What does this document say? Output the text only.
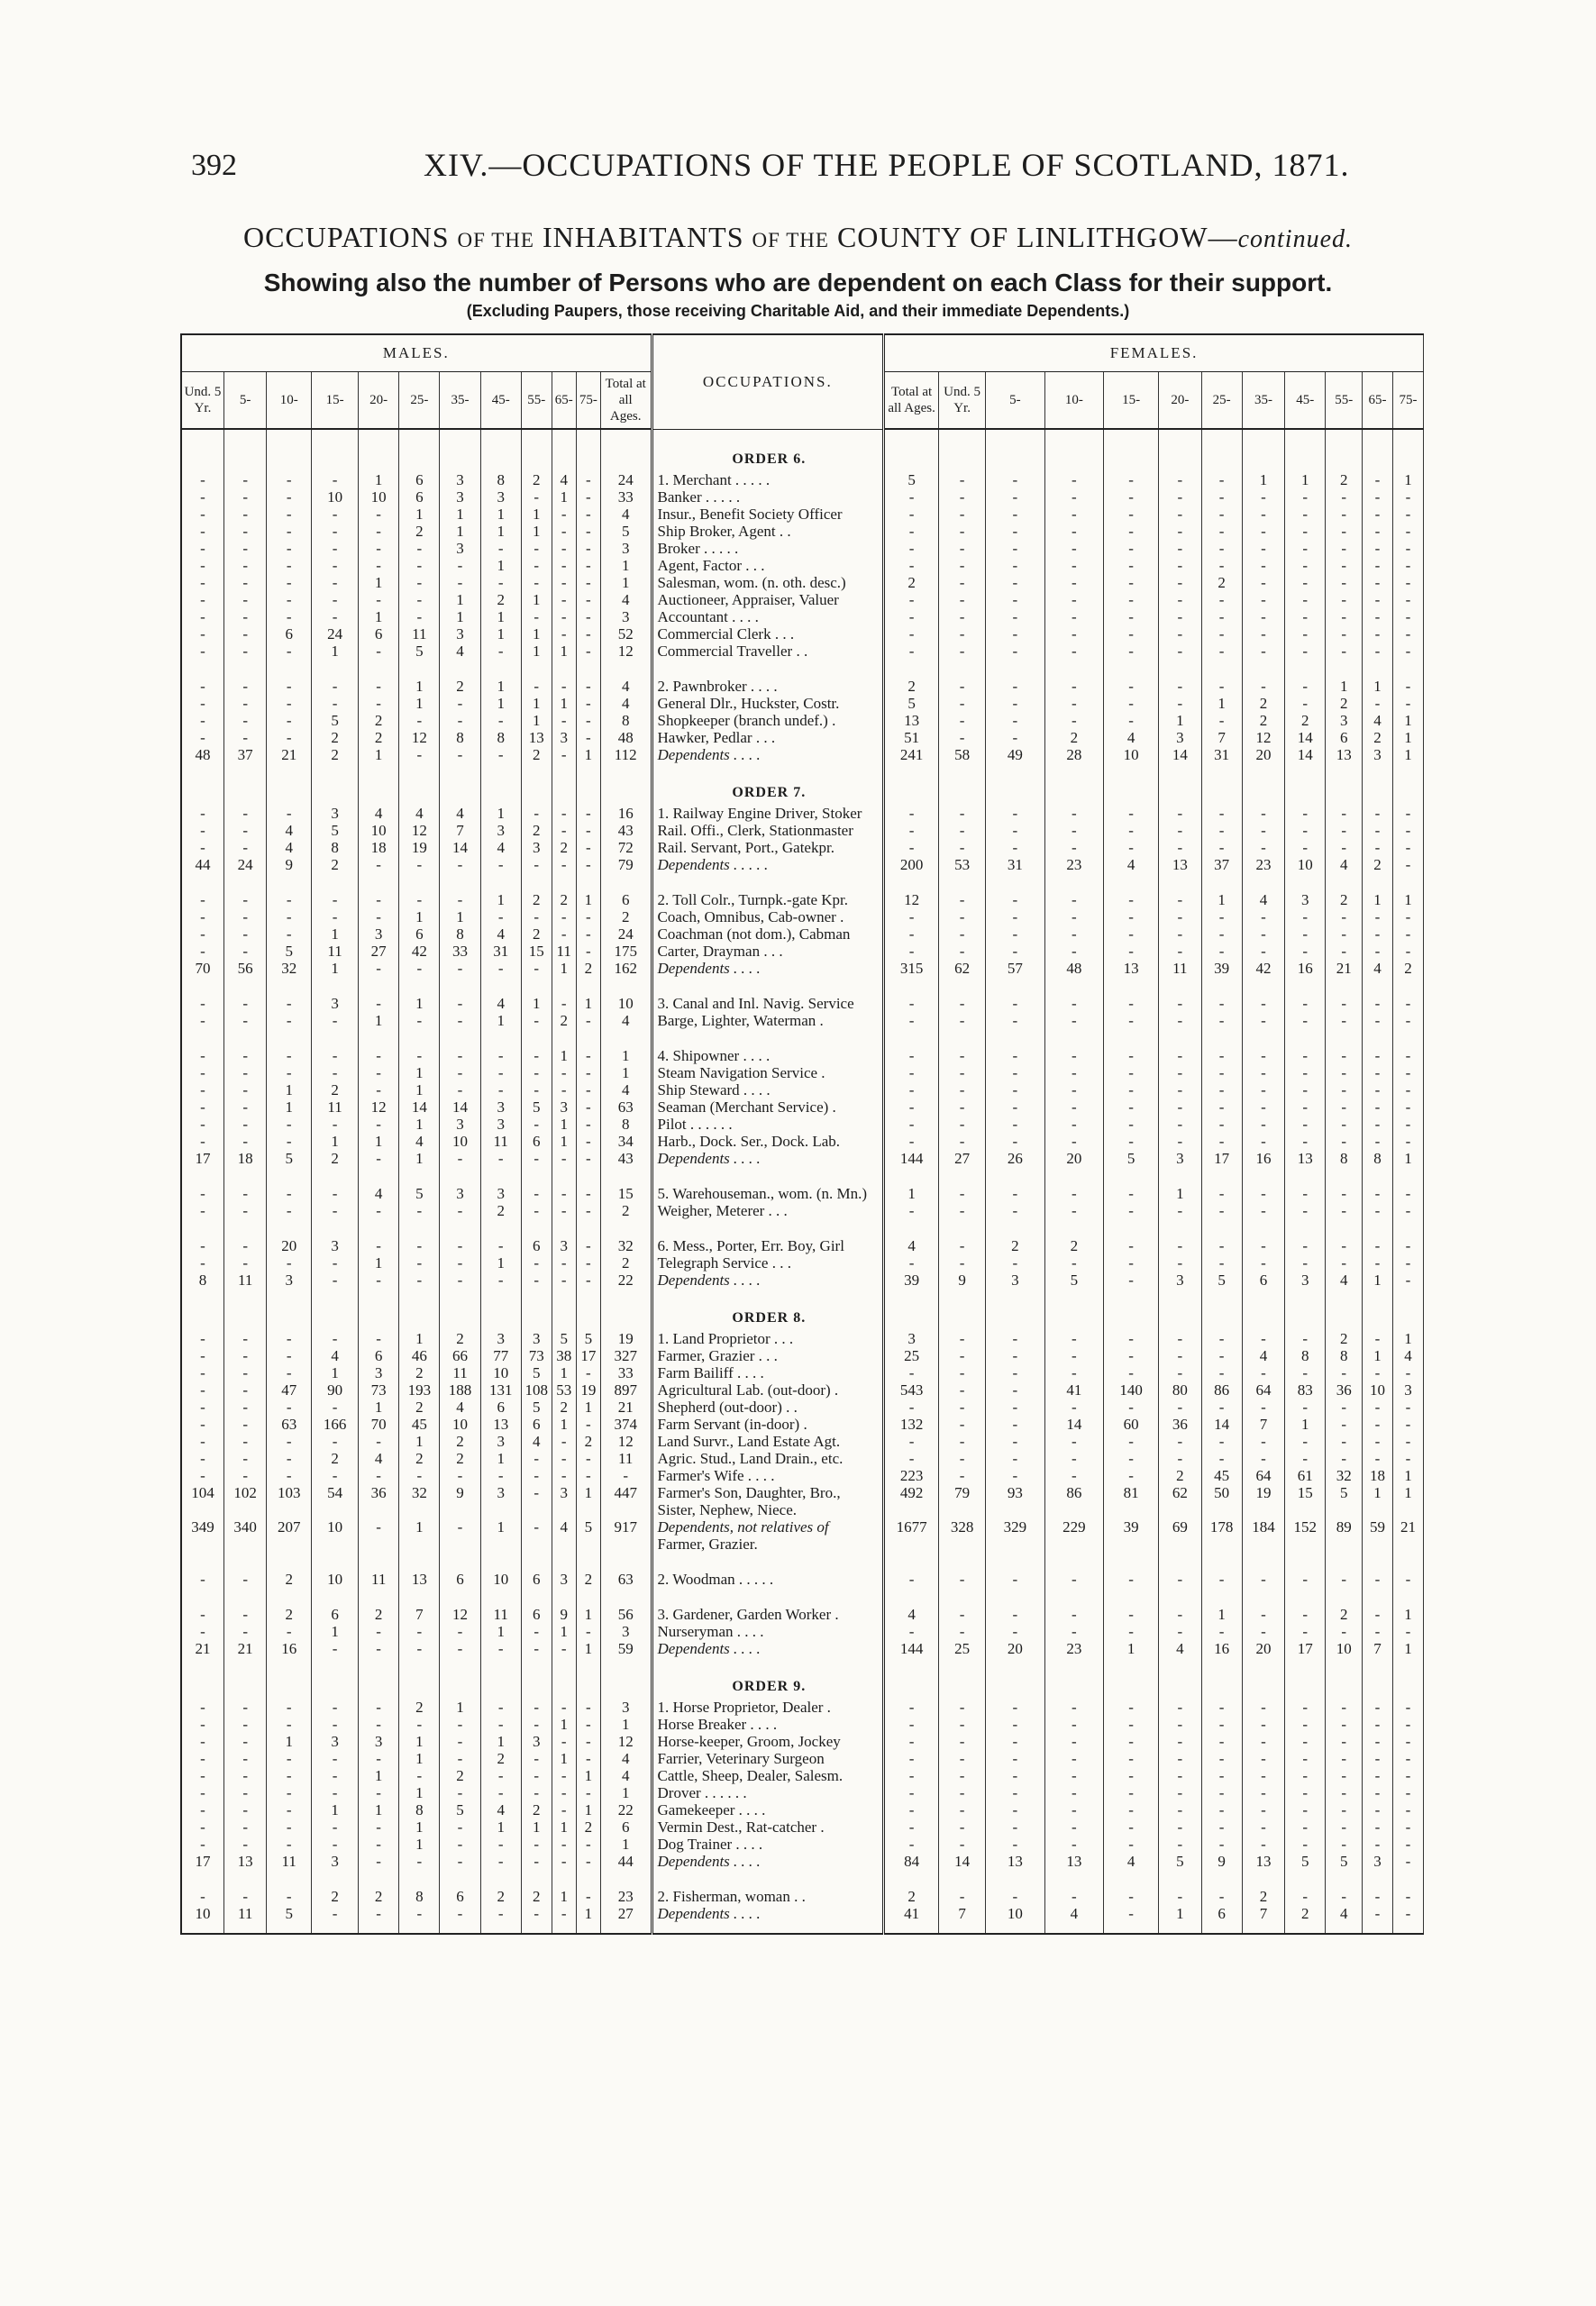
392	XIV.—OCCUPATIONS OF THE PEOPLE OF SCOTLAND, 1871.
OCCUPATIONS OF THE INHABITANTS OF THE COUNTY OF LINLITHGOW—continued.
Showing also the number of Persons who are dependent on each Class for their support.
(Excluding Paupers, those receiving Charitable Aid, and their immediate Dependents.)
MALES.												OCCUPATIONS.	FEMALES.											
Und. 5 Yr.	5-	10-	15-	20-	25-	35-	45-	55-	65-	75-	Total at all Ages.		Total at all Ages.	Und. 5 Yr.	5-	10-	15-	20-	25-	35-	45-	55-	65-	75-
												ORDER 6.												
-	-	-	-	1	6	3	8	2	4	-	24	1. Merchant . . . . .	5	-	-	-	-	-	-	1	1	2	-	1
-	-	-	10	10	6	3	3	-	1	-	33	Banker . . . . .	-	-	-	-	-	-	-	-	-	-	-	-
-	-	-	-	-	1	1	1	1	-	-	4	Insur., Benefit Society Officer	-	-	-	-	-	-	-	-	-	-	-	-
-	-	-	-	-	2	1	1	1	-	-	5	Ship Broker, Agent . .	-	-	-	-	-	-	-	-	-	-	-	-
-	-	-	-	-	-	3	-	-	-	-	3	Broker . . . . .	-	-	-	-	-	-	-	-	-	-	-	-
-	-	-	-	-	-	-	1	-	-	-	1	Agent, Factor . . .	-	-	-	-	-	-	-	-	-	-	-	-
-	-	-	-	1	-	-	-	-	-	-	1	Salesman, wom. (n. oth. desc.)	2	-	-	-	-	-	2	-	-	-	-	-
-	-	-	-	-	-	1	2	1	-	-	4	Auctioneer, Appraiser, Valuer	-	-	-	-	-	-	-	-	-	-	-	-
-	-	-	-	1	-	1	1	-	-	-	3	Accountant . . . .	-	-	-	-	-	-	-	-	-	-	-	-
-	-	6	24	6	11	3	1	1	-	-	52	Commercial Clerk . . .	-	-	-	-	-	-	-	-	-	-	-	-
-	-	-	1	-	5	4	-	1	1	-	12	Commercial Traveller . .	-	-	-	-	-	-	-	-	-	-	-	-

-	-	-	-	-	1	2	1	-	-	-	4	2. Pawnbroker . . . .	2	-	-	-	-	-	-	-	-	1	1	-
-	-	-	-	-	1	-	1	1	1	-	4	General Dlr., Huckster, Costr.	5	-	-	-	-	-	1	2	-	2	-	-
-	-	-	5	2	-	-	-	1	-	-	8	Shopkeeper (branch undef.) .	13	-	-	-	-	1	-	2	2	3	4	1
-	-	-	2	2	12	8	8	13	3	-	48	Hawker, Pedlar . . .	51	-	-	2	4	3	7	12	14	6	2	1
48	37	21	2	1	-	-	-	2	-	1	112	Dependents . . . .	241	58	49	28	10	14	31	20	14	13	3	1
												ORDER 7.												
-	-	-	3	4	4	4	1	-	-	-	16	1. Railway Engine Driver, Stoker	-	-	-	-	-	-	-	-	-	-	-	-
-	-	4	5	10	12	7	3	2	-	-	43	Rail. Offi., Clerk, Stationmaster	-	-	-	-	-	-	-	-	-	-	-	-
-	-	4	8	18	19	14	4	3	2	-	72	Rail. Servant, Port., Gatekpr.	-	-	-	-	-	-	-	-	-	-	-	-
44	24	9	2	-	-	-	-	-	-	-	79	Dependents . . . . .	200	53	31	23	4	13	37	23	10	4	2	-

-	-	-	-	-	-	-	1	2	2	1	6	2. Toll Colr., Turnpk.-gate Kpr.	12	-	-	-	-	-	1	4	3	2	1	1
-	-	-	-	-	1	1	-	-	-	-	2	Coach, Omnibus, Cab-owner .	-	-	-	-	-	-	-	-	-	-	-	-
-	-	-	1	3	6	8	4	2	-	-	24	Coachman (not dom.), Cabman	-	-	-	-	-	-	-	-	-	-	-	-
-	-	5	11	27	42	33	31	15	11	-	175	Carter, Drayman . . .	-	-	-	-	-	-	-	-	-	-	-	-
70	56	32	1	-	-	-	-	-	1	2	162	Dependents . . . .	315	62	57	48	13	11	39	42	16	21	4	2

-	-	-	3	-	1	-	4	1	-	1	10	3. Canal and Inl. Navig. Service	-	-	-	-	-	-	-	-	-	-	-	-
-	-	-	-	1	-	-	1	-	2	-	4	Barge, Lighter, Waterman .	-	-	-	-	-	-	-	-	-	-	-	-

-	-	-	-	-	-	-	-	-	1	-	1	4. Shipowner . . . .	-	-	-	-	-	-	-	-	-	-	-	-
-	-	-	-	-	1	-	-	-	-	-	1	Steam Navigation Service .	-	-	-	-	-	-	-	-	-	-	-	-
-	-	1	2	-	1	-	-	-	-	-	4	Ship Steward . . . .	-	-	-	-	-	-	-	-	-	-	-	-
-	-	1	11	12	14	14	3	5	3	-	63	Seaman (Merchant Service) .	-	-	-	-	-	-	-	-	-	-	-	-
-	-	-	-	-	1	3	3	-	1	-	8	Pilot . . . . . .	-	-	-	-	-	-	-	-	-	-	-	-
-	-	-	1	1	4	10	11	6	1	-	34	Harb., Dock. Ser., Dock. Lab.	-	-	-	-	-	-	-	-	-	-	-	-
17	18	5	2	-	1	-	-	-	-	-	43	Dependents . . . .	144	27	26	20	5	3	17	16	13	8	8	1

-	-	-	-	4	5	3	3	-	-	-	15	5. Warehouseman., wom. (n. Mn.)	1	-	-	-	-	1	-	-	-	-	-	-
-	-	-	-	-	-	-	2	-	-	-	2	Weigher, Meterer . . .	-	-	-	-	-	-	-	-	-	-	-	-

-	-	20	3	-	-	-	-	6	3	-	32	6. Mess., Porter, Err. Boy, Girl	4	-	2	2	-	-	-	-	-	-	-	-
-	-	-	-	1	-	-	1	-	-	-	2	Telegraph Service . . .	-	-	-	-	-	-	-	-	-	-	-	-
8	11	3	-	-	-	-	-	-	-	-	22	Dependents . . . .	39	9	3	5	-	3	5	6	3	4	1	-
												ORDER 8.												
-	-	-	-	-	1	2	3	3	5	5	19	1. Land Proprietor . . .	3	-	-	-	-	-	-	-	-	2	-	1
-	-	-	4	6	46	66	77	73	38	17	327	Farmer, Grazier . . .	25	-	-	-	-	-	-	4	8	8	1	4
-	-	-	1	3	2	11	10	5	1	-	33	Farm Bailiff . . . .	-	-	-	-	-	-	-	-	-	-	-	-
-	-	47	90	73	193	188	131	108	53	19	897	Agricultural Lab. (out-door) .	543	-	-	41	140	80	86	64	83	36	10	3
-	-	-	-	1	2	4	6	5	2	1	21	Shepherd (out-door) . .	-	-	-	-	-	-	-	-	-	-	-	-
-	-	63	166	70	45	10	13	6	1	-	374	Farm Servant (in-door) .	132	-	-	14	60	36	14	7	1	-	-	-
-	-	-	-	-	1	2	3	4	-	2	12	Land Survr., Land Estate Agt.	-	-	-	-	-	-	-	-	-	-	-	-
-	-	-	2	4	2	2	1	-	-	-	11	Agric. Stud., Land Drain., etc.	-	-	-	-	-	-	-	-	-	-	-	-
-	-	-	-	-	-	-	-	-	-	-	-	Farmer's Wife . . . .	223	-	-	-	-	2	45	64	61	32	18	1
104	102	103	54	36	32	9	3	-	3	1	447	Farmer's Son, Daughter, Bro.,	492	79	93	86	81	62	50	19	15	5	1	1
												Sister, Nephew, Niece.												
349	340	207	10	-	1	-	1	-	4	5	917	Dependents, not relatives of	1677	328	329	229	39	69	178	184	152	89	59	21
												Farmer, Grazier.												

-	-	2	10	11	13	6	10	6	3	2	63	2. Woodman . . . . .	-	-	-	-	-	-	-	-	-	-	-	-

-	-	2	6	2	7	12	11	6	9	1	56	3. Gardener, Garden Worker .	4	-	-	-	-	-	1	-	-	2	-	1
-	-	-	1	-	-	-	1	-	1	-	3	Nurseryman . . . .	-	-	-	-	-	-	-	-	-	-	-	-
21	21	16	-	-	-	-	-	-	-	1	59	Dependents . . . .	144	25	20	23	1	4	16	20	17	10	7	1
												ORDER 9.												
-	-	-	-	-	2	1	-	-	-	-	3	1. Horse Proprietor, Dealer .	-	-	-	-	-	-	-	-	-	-	-	-
-	-	-	-	-	-	-	-	-	1	-	1	Horse Breaker . . . .	-	-	-	-	-	-	-	-	-	-	-	-
-	-	1	3	3	1	-	1	3	-	-	12	Horse-keeper, Groom, Jockey	-	-	-	-	-	-	-	-	-	-	-	-
-	-	-	-	-	1	-	2	-	1	-	4	Farrier, Veterinary Surgeon	-	-	-	-	-	-	-	-	-	-	-	-
-	-	-	-	1	-	2	-	-	-	1	4	Cattle, Sheep, Dealer, Salesm.	-	-	-	-	-	-	-	-	-	-	-	-
-	-	-	-	-	1	-	-	-	-	-	1	Drover . . . . . .	-	-	-	-	-	-	-	-	-	-	-	-
-	-	-	1	1	8	5	4	2	-	1	22	Gamekeeper . . . .	-	-	-	-	-	-	-	-	-	-	-	-
-	-	-	-	-	1	-	1	1	1	2	6	Vermin Dest., Rat-catcher .	-	-	-	-	-	-	-	-	-	-	-	-
-	-	-	-	-	1	-	-	-	-	-	1	Dog Trainer . . . .	-	-	-	-	-	-	-	-	-	-	-	-
17	13	11	3	-	-	-	-	-	-	-	44	Dependents . . . .	84	14	13	13	4	5	9	13	5	5	3	-

-	-	-	2	2	8	6	2	2	1	-	23	2. Fisherman, woman . .	2	-	-	-	-	-	-	2	-	-	-	-
10	11	5	-	-	-	-	-	-	-	1	27	Dependents . . . .	41	7	10	4	-	1	6	7	2	4	-	-
